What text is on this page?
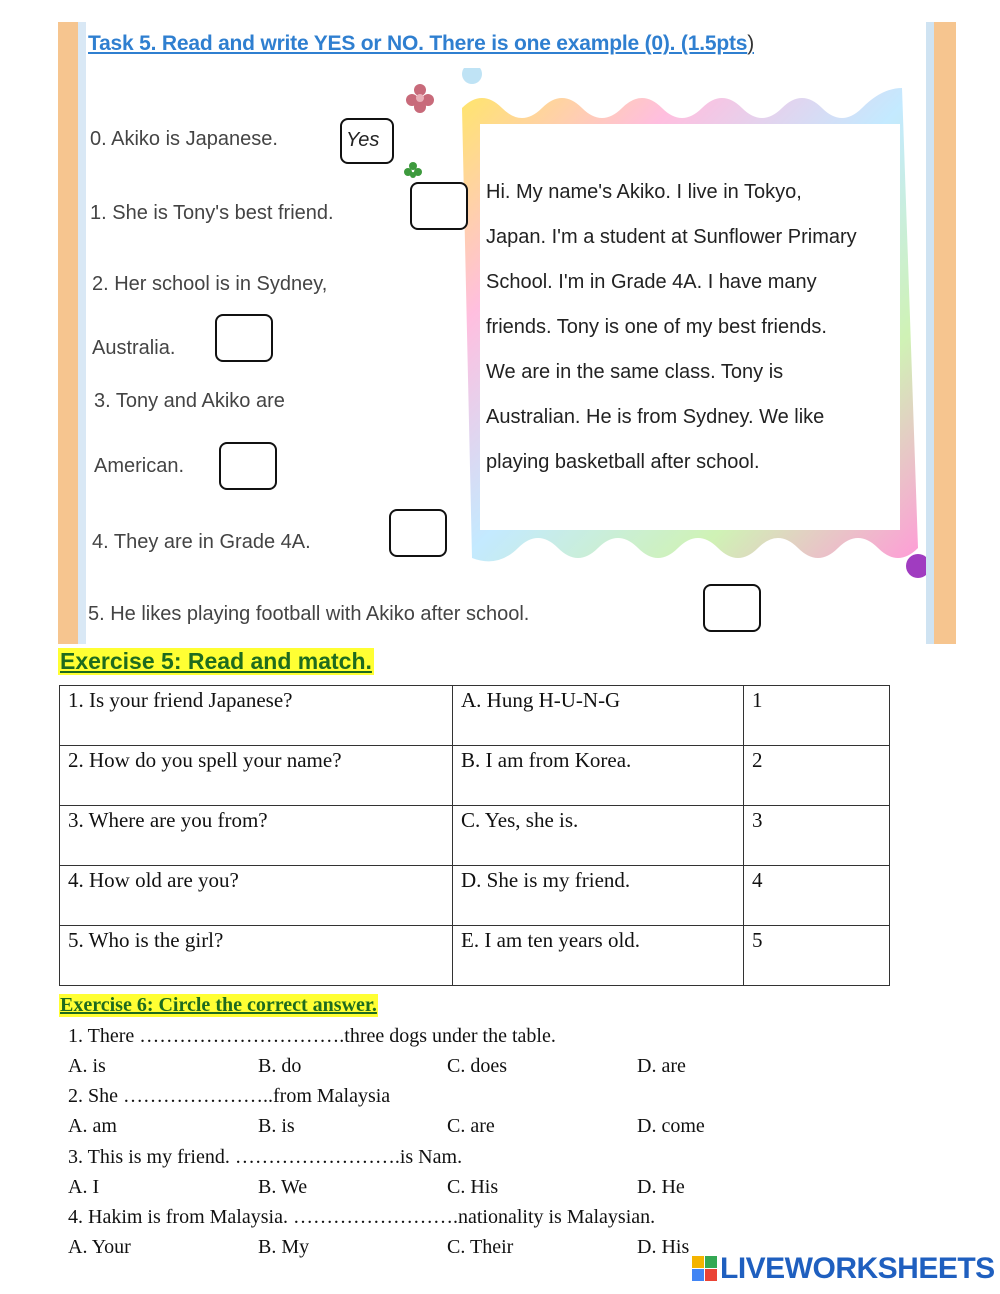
Task 5. Read and write YES or NO. There is one example (0). (1.5pts)
0. Akiko is Japanese.	Yes
1. She is Tony's best friend.
2. Her school is in Sydney,
Australia.
3. Tony and Akiko are
American.
4. They are in Grade 4A.
5. He likes playing football with Akiko after school.
Hi. My name's Akiko. I live in Tokyo,
Japan. I'm a student at Sunflower Primary
School. I'm in Grade 4A. I have many
friends. Tony is one of my best friends.
We are in the same class. Tony is
Australian. He is from Sydney. We like
playing basketball after school.
Exercise 5: Read and match.
1. Is your friend Japanese?	A. Hung H-U-N-G	1
2. How do you spell your name?	B. I am from Korea.	2
3. Where are you from?	C. Yes, she is.	3
4. How old are you?	D. She is my friend.	4
5. Who is the girl?	E. I am ten years old.	5
Exercise 6: Circle the correct answer.
1. There ………………………….three dogs under the table.
A. is	B. do	C. does	D. are
2. She …………………..from Malaysia
A. am	B. is	C. are	D. come
3. This is my friend. …………………….is Nam.
A. I	B. We	C. His	D. He
4. Hakim is from Malaysia. …………………….nationality is Malaysian.
A. Your	B. My	C. Their	D. His
LIVEWORKSHEETS
